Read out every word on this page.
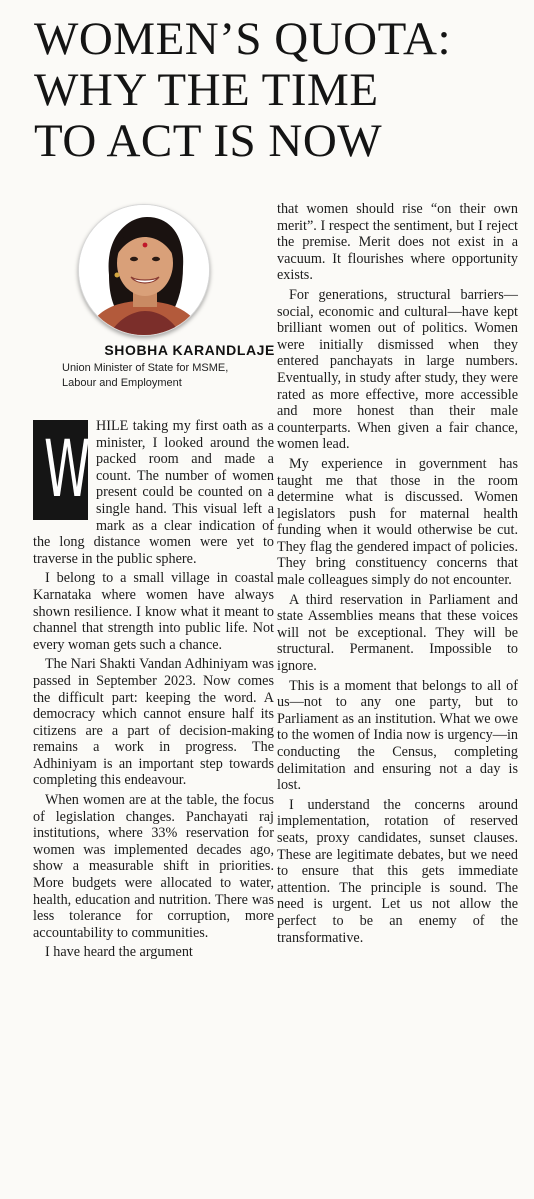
WOMEN’S QUOTA:
WHY THE TIME
TO ACT IS NOW
SHOBHA KARANDLAJE
Union Minister of State for MSME,
Labour and Employment

W HILE taking my first oath as a minister, I looked around the packed room and made a count. The number of women present could be counted on a single hand. This visual left a mark as a clear indication of the long distance women were yet to traverse in the public sphere.

I belong to a small village in coastal Karnataka where women have always shown resilience. I know what it meant to channel that strength into public life. Not every woman gets such a chance.

The Nari Shakti Vandan Adhiniyam was passed in September 2023. Now comes the difficult part: keeping the word. A democracy which cannot ensure half its citizens are a part of decision-making remains a work in progress. The Adhiniyam is an important step towards completing this endeavour.

When women are at the table, the focus of legislation changes. Panchayati raj institutions, where 33% reservation for women was implemented decades ago, show a measurable shift in priorities. More budgets were allocated to water, health, education and nutrition. There was less tolerance for corruption, more accountability to communities.

I have heard the argument

that women should rise “on their own merit”. I respect the sentiment, but I reject the premise. Merit does not exist in a vacuum. It flourishes where opportunity exists.

For generations, structural barriers—social, economic and cultural—have kept brilliant women out of politics. Women were initially dismissed when they entered panchayats in large numbers. Eventually, in study after study, they were rated as more effective, more accessible and more honest than their male counterparts. When given a fair chance, women lead.

My experience in government has taught me that those in the room determine what is discussed. Women legislators push for maternal health funding when it would otherwise be cut. They flag the gendered impact of policies. They bring constituency concerns that male colleagues simply do not encounter.

A third reservation in Parliament and state Assemblies means that these voices will not be exceptional. They will be structural. Permanent. Impossible to ignore.

This is a moment that belongs to all of us—not to any one party, but to Parliament as an institution. What we owe to the women of India now is urgency—in conducting the Census, completing delimitation and ensuring not a day is lost.

I understand the concerns around implementation, rotation of reserved seats, proxy candidates, sunset clauses. These are legitimate debates, but we need to ensure that this gets immediate attention. The principle is sound. The need is urgent. Let us not allow the perfect to be an enemy of the transformative.
